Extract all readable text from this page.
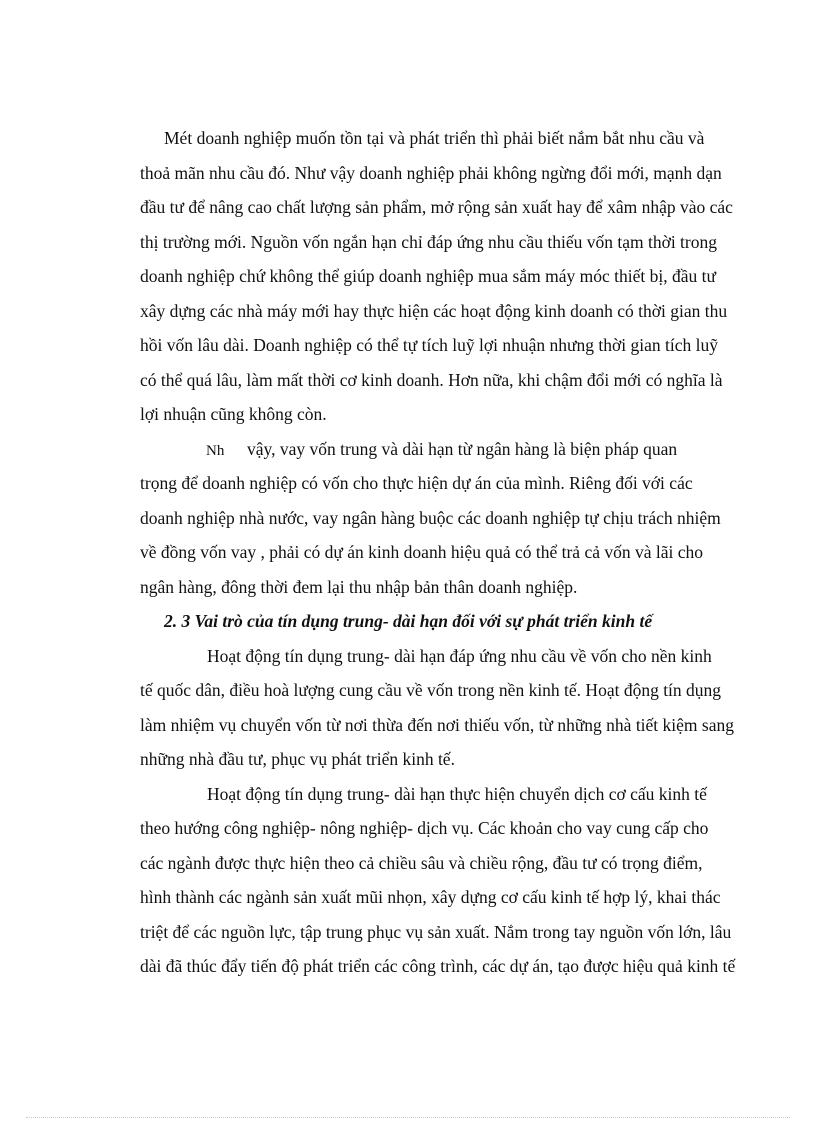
Mét doanh nghiệp muốn tồn tại và phát triển thì phải biết nắm bắt nhu cầu và
thoả mãn nhu cầu đó. Như vậy doanh nghiệp phải không ngừng đổi mới, mạnh dạn
đầu tư để nâng cao chất lượng sản phẩm, mở rộng sản xuất hay để xâm nhập vào các
thị trường mới. Nguồn vốn ngắn hạn chỉ đáp ứng nhu cầu thiếu vốn tạm thời trong
doanh nghiệp chứ không thể giúp doanh nghiệp mua sắm máy móc thiết bị, đầu tư
xây dựng các nhà máy mới hay thực hiện các hoạt động kinh doanh có thời gian thu
hồi vốn lâu dài. Doanh nghiệp có thể tự tích luỹ lợi nhuận nhưng thời gian tích luỹ
có thể quá lâu, làm mất thời cơ kinh doanh. Hơn nữa, khi chậm đổi mới có nghĩa là
lợi nhuận cũng không còn.
Nh vậy, vay vốn trung và dài hạn từ ngân hàng là biện pháp quan
trọng để doanh nghiệp có vốn cho thực hiện dự án của mình. Riêng đối với các
doanh nghiệp nhà nước, vay ngân hàng buộc các doanh nghiệp tự chịu trách nhiệm
về đồng vốn vay , phải có dự án kinh doanh hiệu quả có thể trả cả vốn và lãi cho
ngân hàng, đông thời đem lại thu nhập bản thân doanh nghiệp.
2. 3 Vai trò của tín dụng trung- dài hạn đối với sự phát triển kinh tế
Hoạt động tín dụng trung- dài hạn đáp ứng nhu cầu về vốn cho nền kinh
tế quốc dân, điều hoà lượng cung cầu về vốn trong nền kinh tế. Hoạt động tín dụng
làm nhiệm vụ chuyển vốn từ nơi thừa đến nơi thiếu vốn, từ những nhà tiết kiệm sang
những nhà đầu tư, phục vụ phát triển kinh tế.
Hoạt động tín dụng trung- dài hạn thực hiện chuyển dịch cơ cấu kinh tế
theo hướng công nghiệp- nông nghiệp- dịch vụ. Các khoản cho vay cung cấp cho
các ngành được thực hiện theo cả chiều sâu và chiều rộng, đầu tư có trọng điểm,
hình thành các ngành sản xuất mũi nhọn, xây dựng cơ cấu kinh tế hợp lý, khai thác
triệt để các nguồn lực, tập trung phục vụ sản xuất. Nắm trong tay nguồn vốn lớn, lâu
dài đã thúc đẩy tiến độ phát triển các công trình, các dự án, tạo được hiệu quả kinh tế
